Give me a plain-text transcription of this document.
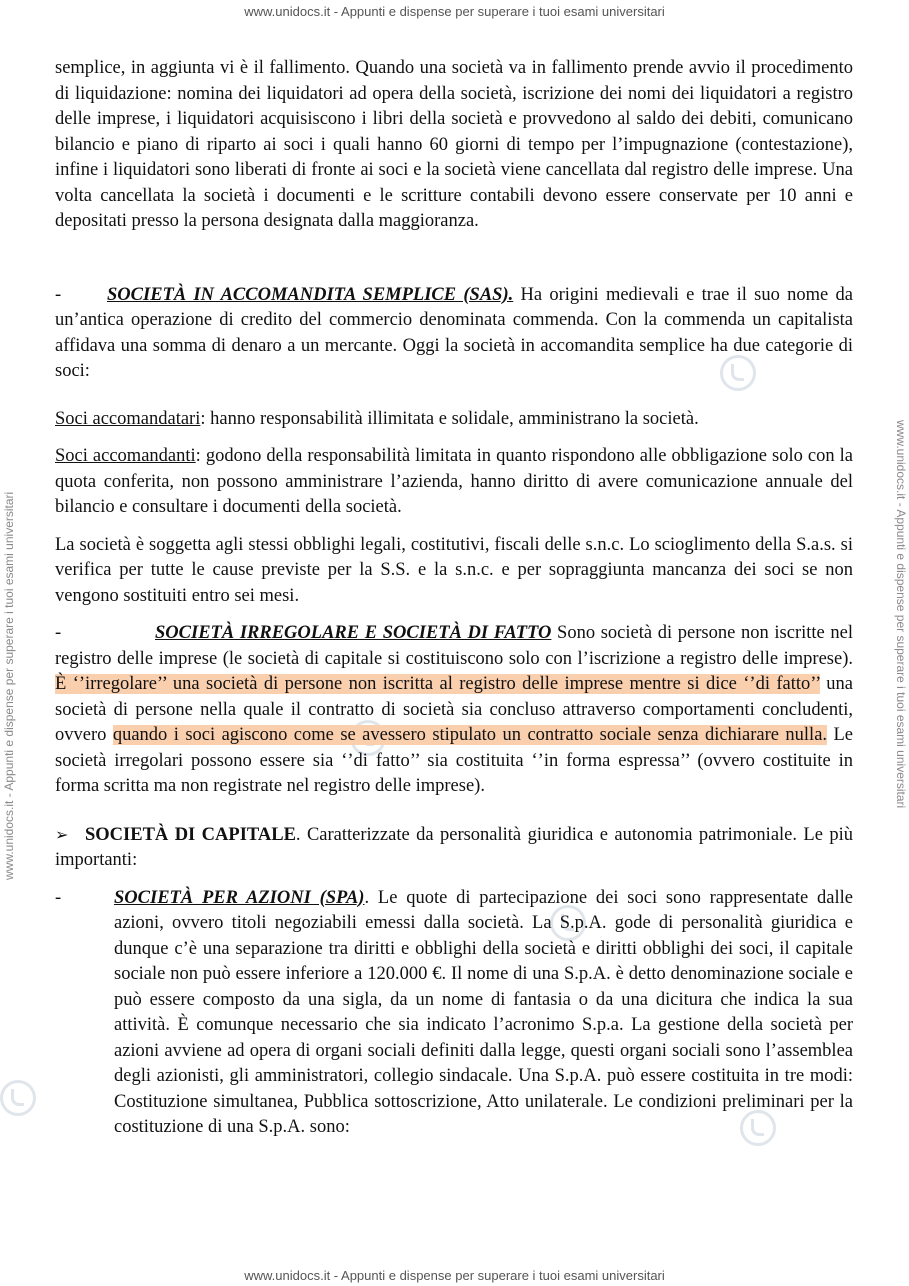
www.unidocs.it - Appunti e dispense per superare i tuoi esami universitari
www.unidocs.it - Appunti e dispense per superare i tuoi esami universitari	www.unidocs.it - Appunti e dispense per superare i tuoi esami universitari

semplice, in aggiunta vi è il fallimento. Quando una società va in fallimento prende avvio il procedimento di liquidazione: nomina dei liquidatori ad opera della società, iscrizione dei nomi dei liquidatori a registro delle imprese, i liquidatori acquisiscono i libri della società e provvedono al saldo dei debiti, comunicano bilancio e piano di riparto ai soci i quali hanno 60 giorni di tempo per l’impugnazione (contestazione), infine i liquidatori sono liberati di fronte ai soci e la società viene cancellata dal registro delle imprese. Una volta cancellata la società i documenti e le scritture contabili devono essere conservate per 10 anni e depositati presso la persona designata dalla maggioranza.

- SOCIETÀ IN ACCOMANDITA SEMPLICE (SAS). Ha origini medievali e trae il suo nome da un’antica operazione di credito del commercio denominata commenda. Con la commenda un capitalista affidava una somma di denaro a un mercante. Oggi la società in accomandita semplice ha due categorie di soci:

Soci accomandatari: hanno responsabilità illimitata e solidale, amministrano la società.

Soci accomandanti: godono della responsabilità limitata in quanto rispondono alle obbligazione solo con la quota conferita, non possono amministrare l’azienda, hanno diritto di avere comunicazione annuale del bilancio e consultare i documenti della società.

La società è soggetta agli stessi obblighi legali, costitutivi, fiscali delle s.n.c. Lo scioglimento della S.a.s. si verifica per tutte le cause previste per la S.S. e la s.n.c. e per sopraggiunta mancanza dei soci se non vengono sostituiti entro sei mesi.

-	SOCIETÀ IRREGOLARE E SOCIETÀ DI FATTO Sono società di persone non iscritte nel registro delle imprese (le società di capitale si costituiscono solo con l’iscrizione a registro delle imprese). È ‘’irregolare’’ una società di persone non iscritta al registro delle imprese mentre si dice ‘’di fatto’’ una società di persone nella quale il contratto di società sia concluso attraverso comportamenti concludenti, ovvero quando i soci agiscono come se avessero stipulato un contratto sociale senza dichiarare nulla. Le società irregolari possono essere sia ‘’di fatto’’ sia costituita ‘’in forma espressa’’ (ovvero costituite in forma scritta ma non registrate nel registro delle imprese).

➢ SOCIETÀ DI CAPITALE. Caratterizzate da personalità giuridica e autonomia patrimoniale. Le più importanti:

-	SOCIETÀ PER AZIONI (SPA). Le quote di partecipazione dei soci sono rappresentate dalle azioni, ovvero titoli negoziabili emessi dalla società. La S.p.A. gode di personalità giuridica e dunque c’è una separazione tra diritti e obblighi della società e diritti obblighi dei soci, il capitale sociale non può essere inferiore a 120.000 €. Il nome di una S.p.A. è detto denominazione sociale e può essere composto da una sigla, da un nome di fantasia o da una dicitura che indica la sua attività. È comunque necessario che sia indicato l’acronimo S.p.a. La gestione della società per azioni avviene ad opera di organi sociali definiti dalla legge, questi organi sociali sono l’assemblea degli azionisti, gli amministratori, collegio sindacale. Una S.p.A. può essere costituita in tre modi: Costituzione simultanea, Pubblica sottoscrizione, Atto unilaterale. Le condizioni preliminari per la costituzione di una S.p.A. sono:
www.unidocs.it - Appunti e dispense per superare i tuoi esami universitari
